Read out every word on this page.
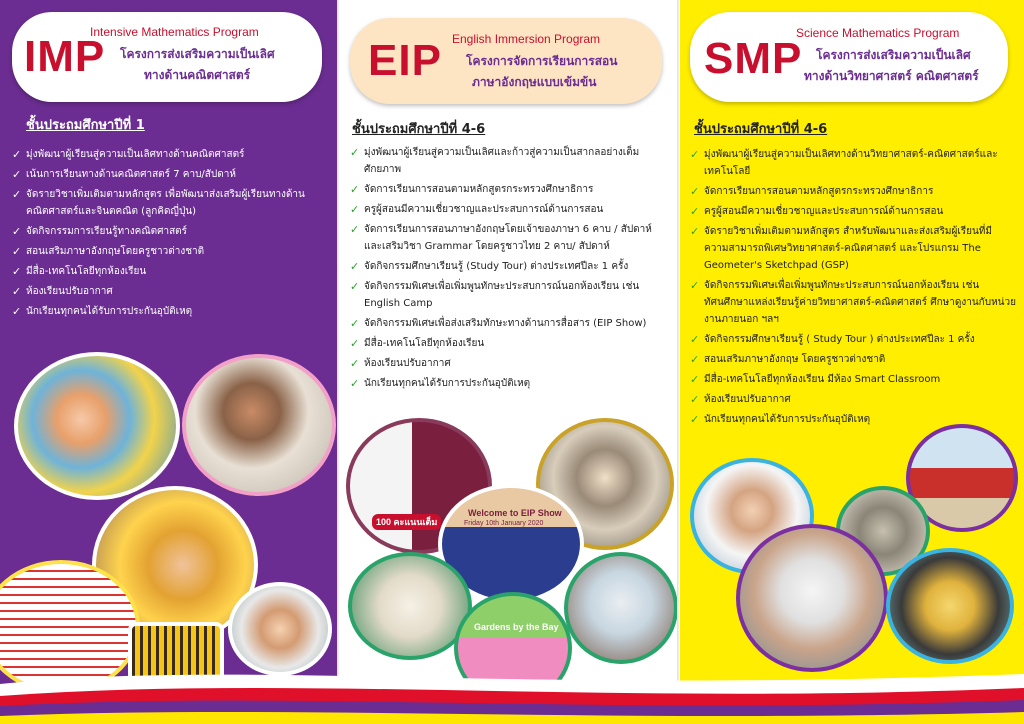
IMP
Intensive Mathematics Program
โครงการส่งเสริมความเป็นเลิศ
ทางด้านคณิตศาสตร์
ชั้นประถมศึกษาปีที่ 1
✓ มุ่งพัฒนาผู้เรียนสู่ความเป็นเลิศทางด้านคณิตศาสตร์
✓ เน้นการเรียนทางด้านคณิตศาสตร์ 7 คาบ/สัปดาห์
✓ จัดรายวิชาเพิ่มเติมตามหลักสูตร เพื่อพัฒนาส่งเสริมผู้เรียนทางด้านคณิตศาสตร์และจินตคณิต (ลูกคิดญี่ปุ่น)
✓ จัดกิจกรรมการเรียนรู้ทางคณิตศาสตร์
✓ สอนเสริมภาษาอังกฤษโดยครูชาวต่างชาติ
✓ มีสื่อ-เทคโนโลยีทุกห้องเรียน
✓ ห้องเรียนปรับอากาศ
✓ นักเรียนทุกคนได้รับการประกันอุบัติเหตุ
EIP English Immersion Program
โครงการจัดการเรียนการสอน
ภาษาอังกฤษแบบเข้มข้น
ชั้นประถมศึกษาปีที่ 4-6
✓ มุ่งพัฒนาผู้เรียนสู่ความเป็นเลิศและก้าวสู่ความเป็นสากลอย่างเต็มศักยภาพ
✓ จัดการเรียนการสอนตามหลักสูตรกระทรวงศึกษาธิการ
✓ ครูผู้สอนมีความเชี่ยวชาญและประสบการณ์ด้านการสอน
✓ จัดการเรียนการสอนภาษาอังกฤษโดยเจ้าของภาษา 6 คาบ / สัปดาห์ และเสริมวิชา Grammar โดยครูชาวไทย 2 คาบ/ สัปดาห์
✓ จัดกิจกรรมศึกษาเรียนรู้ (Study Tour) ต่างประเทศปีละ 1 ครั้ง
✓ จัดกิจกรรมพิเศษเพื่อเพิ่มพูนทักษะประสบการณ์นอกห้องเรียน เช่น English Camp
✓ จัดกิจกรรมพิเศษเพื่อส่งเสริมทักษะทางด้านการสื่อสาร (EIP Show)
✓ มีสื่อ-เทคโนโลยีทุกห้องเรียน
✓ ห้องเรียนปรับอากาศ
✓ นักเรียนทุกคนได้รับการประกันอุบัติเหตุ
100 คะแนนเต็ม
Welcome to EIP Show
Friday 10th January 2020
Gardens by the Bay
SMP
Science Mathematics Program
โครงการส่งเสริมความเป็นเลิศ
ทางด้านวิทยาศาสตร์ คณิตศาสตร์
ชั้นประถมศึกษาปีที่ 4-6
✓ มุ่งพัฒนาผู้เรียนสู่ความเป็นเลิศทางด้านวิทยาศาสตร์-คณิตศาสตร์และเทคโนโลยี
✓ จัดการเรียนการสอนตามหลักสูตรกระทรวงศึกษาธิการ
✓ ครูผู้สอนมีความเชี่ยวชาญและประสบการณ์ด้านการสอน
✓ จัดรายวิชาเพิ่มเติมตามหลักสูตร สำหรับพัฒนาและส่งเสริมผู้เรียนที่มีความสามารถพิเศษวิทยาศาสตร์-คณิตศาสตร์ และโปรแกรม The Geometer's Sketchpad (GSP)
✓ จัดกิจกรรมพิเศษเพื่อเพิ่มพูนทักษะประสบการณ์นอกห้องเรียน เช่น ทัศนศึกษาแหล่งเรียนรู้ค่ายวิทยาศาสตร์-คณิตศาสตร์ ศึกษาดูงานกับหน่วยงานภายนอก ฯลฯ
✓ จัดกิจกรรมศึกษาเรียนรู้ ( Study Tour ) ต่างประเทศปีละ 1 ครั้ง
✓ สอนเสริมภาษาอังกฤษ โดยครูชาวต่างชาติ
✓ มีสื่อ-เทคโนโลยีทุกห้องเรียน มีห้อง Smart Classroom
✓ ห้องเรียนปรับอากาศ
✓ นักเรียนทุกคนได้รับการประกันอุบัติเหตุ
